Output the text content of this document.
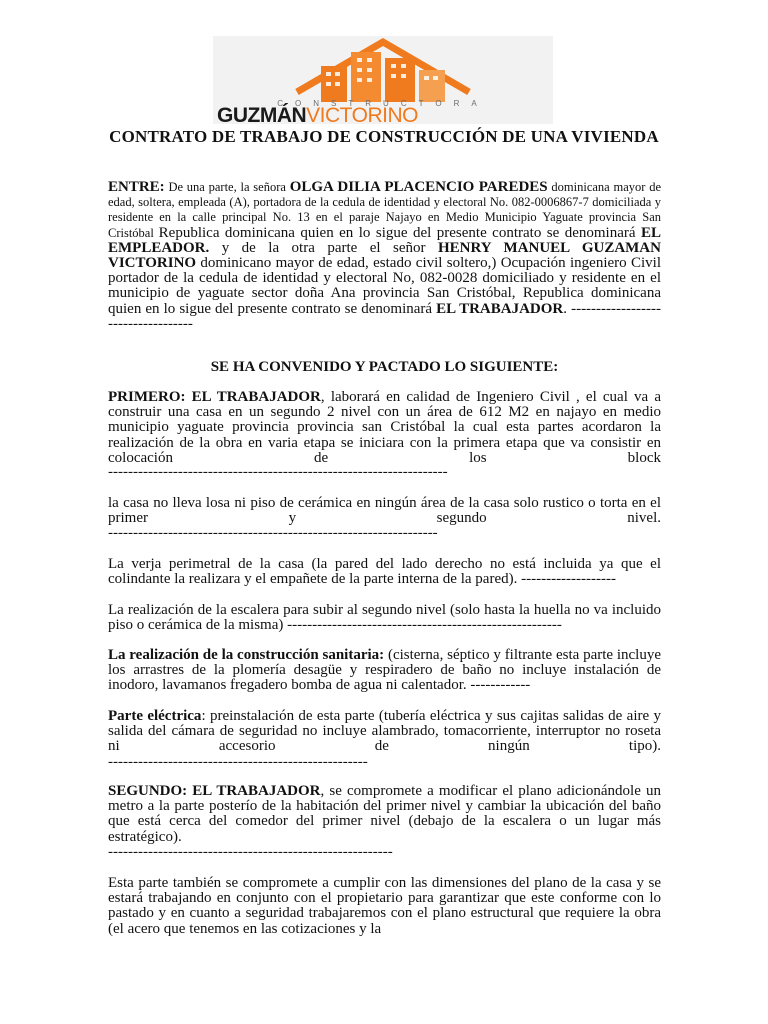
CONSTRUCTORA
GUZMÁNVICTORINO
CONTRATO DE TRABAJO DE CONSTRUCCIÓN DE UNA VIVIENDA
ENTRE: De una parte, la señora OLGA DILIA PLACENCIO PAREDES dominicana mayor de edad, soltera, empleada (A), portadora de la cedula de identidad y electoral No. 082-0006867-7 domiciliada y residente en la calle principal No. 13 en el paraje Najayo en Medio Municipio Yaguate provincia San Cristóbal Republica dominicana quien en lo sigue del presente contrato se denominará EL EMPLEADOR. y de la otra parte el señor HENRY MANUEL GUZAMAN VICTORINO dominicano mayor de edad, estado civil soltero,) Ocupación ingeniero Civil portador de la cedula de identidad y electoral No, 082-0028 domiciliado y residente en el municipio de yaguate sector doña Ana provincia San Cristóbal, Republica dominicana quien en lo sigue del presente contrato se denominará EL TRABAJADOR. -----------------------------------
SE HA CONVENIDO Y PACTADO LO SIGUIENTE:
PRIMERO: EL TRABAJADOR, laborará en calidad de Ingeniero Civil , el cual va a construir una casa en un segundo 2 nivel con un área de 612 M2 en najayo en medio municipio yaguate provincia provincia san Cristóbal la cual esta partes acordaron la realización de la obra en varia etapa se iniciara con la primera etapa que va consistir en colocación de los block
--------------------------------------------------------------------
la casa no lleva losa ni piso de cerámica en ningún área de la casa solo rustico o torta en el primer y segundo nivel.
------------------------------------------------------------------
La verja perimetral de la casa (la pared del lado derecho no está incluida ya que el colindante la realizara y el empañete de la parte interna de la pared). -------------------
La realización de la escalera para subir al segundo nivel (solo hasta la huella no va incluido piso o cerámica de la misma) -------------------------------------------------------
La realización de la construcción sanitaria: (cisterna, séptico y filtrante esta parte incluye los arrastres de la plomería desagüe y respiradero de baño no incluye instalación de inodoro, lavamanos fregadero bomba de agua ni calentador. ------------
Parte eléctrica: preinstalación de esta parte (tubería eléctrica y sus cajitas salidas de aire y salida del cámara de seguridad no incluye alambrado, tomacorriente, interruptor no roseta ni accesorio de ningún tipo).
----------------------------------------------------
SEGUNDO: EL TRABAJADOR, se compromete a modificar el plano adicionándole un metro a la parte posterío de la habitación del primer nivel y cambiar la ubicación del baño que está cerca del comedor del primer nivel (debajo de la escalera o un lugar más estratégico).
---------------------------------------------------------
Esta parte también se compromete a cumplir con las dimensiones del plano de la casa y se estará trabajando en conjunto con el propietario para garantizar que este conforme con lo pastado y en cuanto a seguridad trabajaremos con el plano estructural que requiere la obra (el acero que tenemos en las cotizaciones y la
